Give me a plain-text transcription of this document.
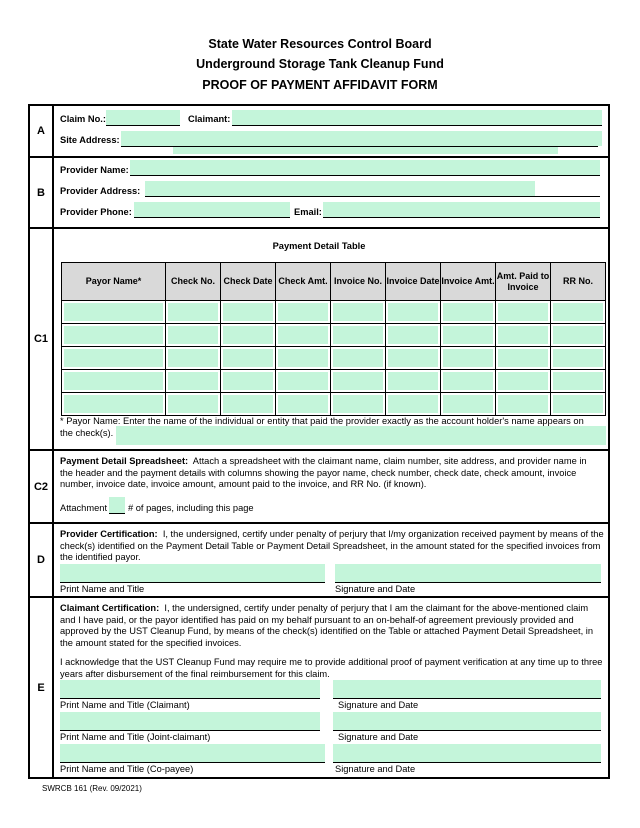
State Water Resources Control Board
Underground Storage Tank Cleanup Fund
PROOF OF PAYMENT AFFIDAVIT FORM
A
Claim No.:	Claimant:
Site Address:
B
Provider Name:
Provider Address:
Provider Phone:	Email:
C1
Payment Detail Table
Payor Name*	Check No.	Check Date	Check Amt.	Invoice No.	Invoice Date	Invoice Amt.	Amt. Paid to Invoice	RR No.

* Payor Name: Enter the name of the individual or entity that paid the provider exactly as the account holder's name appears on
the check(s).
C2
Payment Detail Spreadsheet: Attach a spreadsheet with the claimant name, claim number, site address, and provider name in the header and the payment details with columns showing the payor name, check number, check date, check amount, invoice number, invoice date, invoice amount, amount paid to the invoice, and RR No. (if known).
Attachment # of pages, including this page
D
Provider Certification: I, the undersigned, certify under penalty of perjury that I/my organization received payment by means of the check(s) identified on the Payment Detail Table or Payment Detail Spreadsheet, in the amount stated for the specified invoices from the identified payor.
Print Name and Title	Signature and Date
E
Claimant Certification: I, the undersigned, certify under penalty of perjury that I am the claimant for the above-mentioned claim and I have paid, or the payor identified has paid on my behalf pursuant to an on-behalf-of agreement previously provided and approved by the UST Cleanup Fund, by means of the check(s) identified on the Table or attached Payment Detail Spreadsheet, in the amount stated for the specified invoices.
I acknowledge that the UST Cleanup Fund may require me to provide additional proof of payment verification at any time up to three years after disbursement of the final reimbursement for this claim.
Print Name and Title (Claimant)	Signature and Date
Print Name and Title (Joint-claimant)	Signature and Date
Print Name and Title (Co-payee)	Signature and Date
SWRCB 161 (Rev. 09/2021)
